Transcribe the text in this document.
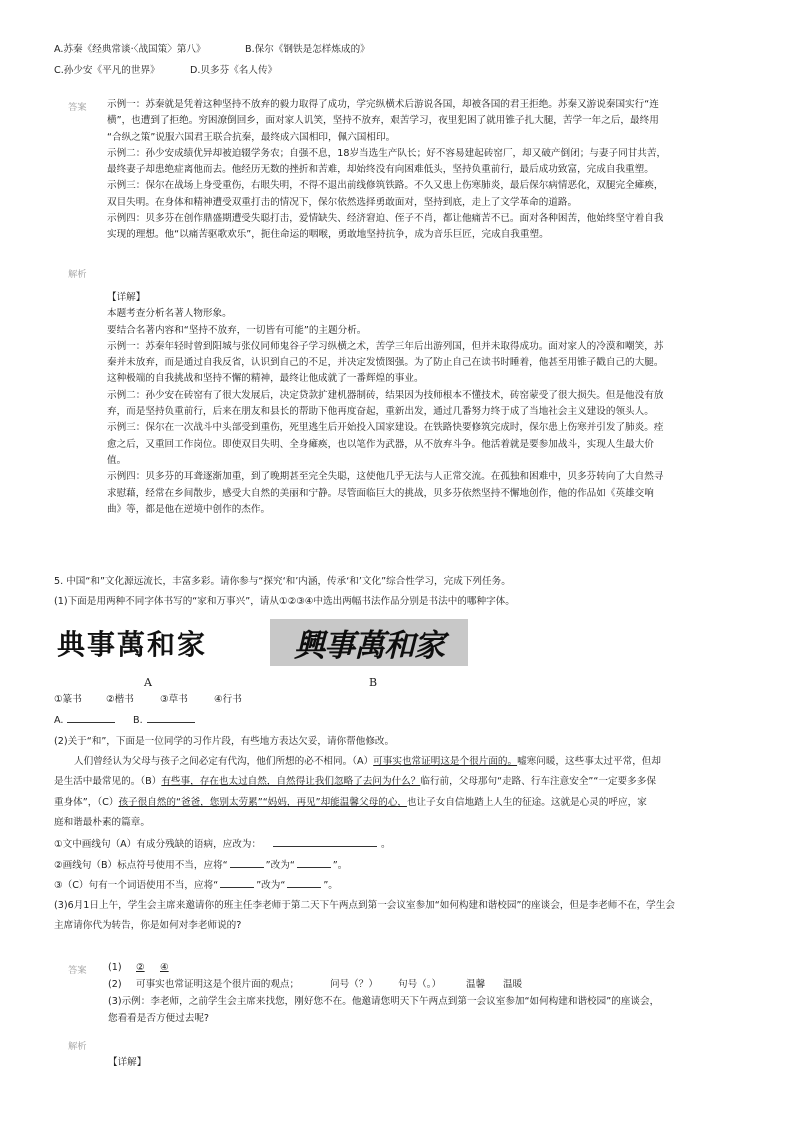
A.苏秦《经典常谈·〈战国策〉第八》	B.保尔《钢铁是怎样炼成的》
C.孙少安《平凡的世界》	D.贝多芬《名人传》
答案 示例一：苏秦就是凭着这种坚持不放弃的毅力取得了成功，学完纵横术后游说各国，却被各国的君王拒绝。苏秦又游说秦国实行“连
横”，也遭到了拒绝。穷困潦倒回乡，面对家人讥笑，坚持不放弃，艰苦学习，夜里犯困了就用锥子扎大腿，苦学一年之后，最终用
“合纵之策”说服六国君王联合抗秦，最终成六国相印，佩六国相印。
示例二：孙少安成绩优异却被迫辍学务农；自强不息，18岁当选生产队长；好不容易建起砖窑厂，却又破产倒闭；与妻子同甘共苦，
最终妻子却患绝症离他而去。他经历无数的挫折和苦难，却始终没有向困难低头，坚持负重前行，最后成功致富，完成自我重塑。
示例三：保尔在战场上身受重伤，右眼失明，不得不退出前线修筑铁路。不久又患上伤寒肺炎，最后保尔病情恶化，双腿完全瘫痪，
双目失明。在身体和精神遭受双重打击的情况下，保尔依然选择勇敢面对，坚持到底，走上了文学革命的道路。
示例四：贝多芬在创作鼎盛期遭受失聪打击，爱情缺失、经济窘迫、侄子不肖，都让他痛苦不已。面对各种困苦，他始终坚守着自我
实现的理想。他“以痛苦驱歌欢乐”，扼住命运的咽喉，勇敢地坚持抗争，成为音乐巨匠，完成自我重塑。
解析
【详解】
本题考查分析名著人物形象。
要结合名著内容和“坚持不放弃，一切皆有可能”的主题分析。
示例一：苏秦年轻时曾到阳城与张仪同师鬼谷子学习纵横之术，苦学三年后出游列国，但并未取得成功。面对家人的冷漠和嘲笑，苏
秦并未放弃，而是通过自我反省，认识到自己的不足，并决定发愤图强。为了防止自己在读书时睡着，他甚至用锥子戳自己的大腿。
这种极端的自我挑战和坚持不懈的精神，最终让他成就了一番辉煌的事业。
示例二：孙少安在砖窑有了很大发展后，决定贷款扩建机器制砖，结果因为技师根本不懂技术，砖窑蒙受了很大损失。但是他没有放
弃，而是坚持负重前行，后来在朋友和县长的帮助下他再度奋起，重新出发，通过几番努力终于成了当地社会主义建设的领头人。
示例三：保尔在一次战斗中头部受到重伤，死里逃生后开始投入国家建设。在铁路快要修筑完成时，保尔患上伤寒并引发了肺炎。痊
愈之后，又重回工作岗位。即使双目失明、全身瘫痪，也以笔作为武器，从不放弃斗争。他活着就是要参加战斗，实现人生最大价
值。
示例四：贝多芬的耳聋逐渐加重，到了晚期甚至完全失聪，这使他几乎无法与人正常交流。在孤独和困难中，贝多芬转向了大自然寻
求慰藉，经常在乡间散步，感受大自然的美丽和宁静。尽管面临巨大的挑战，贝多芬依然坚持不懈地创作，他的作品如《英雄交响
曲》等，都是他在逆境中创作的杰作。
5. 中国“和”文化源远流长，丰富多彩。请你参与“探究‘和’内涵，传承‘和’文化”综合性学习，完成下列任务。
(1)下面是用两种不同字体书写的“家和万事兴”，请从①②③④中选出两幅书法作品分别是书法中的哪种字体。
典事萬和家	興事萬和家
A	B
①篆书	②楷书	③草书	④行书
A.	B.
(2)关于“和”，下面是一位同学的习作片段，有些地方表达欠妥，请你帮他修改。
人们曾经认为父母与孩子之间必定有代沟，他们所想的必不相同。（A）可事实也常证明这是个很片面的。嘘寒问暖，这些事太过平常，但却
是生活中最常见的。（B）有些事，存在也太过自然，自然得让我们忽略了去问为什么？临行前，父母那句“走路、行车注意安全”“一定要多多保
重身体”，（C）孩子很自然的“爸爸，您别太劳累”“妈妈，再见”却能温馨父母的心，也让子女自信地踏上人生的征途。这就是心灵的呼应，家
庭和谐最朴素的篇章。
①文中画线句（A）有成分残缺的语病，应改为：	。
②画线句（B）标点符号使用不当，应将“	”改为“	”。
③（C）句有一个词语使用不当，应将“	”改为“	”。
(3)6月1日上午，学生会主席来邀请你的班主任李老师于第二天下午两点到第一会议室参加“如何构建和谐校园”的座谈会，但是李老师不在，学生会
主席请你代为转告，你是如何对李老师说的?
答案 (1) ② ④
(2) 可事实也常证明这是个很片面的观点；	问号（？） 句号（。）	温馨 温暖
(3)示例：李老师，之前学生会主席来找您，刚好您不在。他邀请您明天下午两点到第一会议室参加“如何构建和谐校园”的座谈会，
您看看是否方便过去呢?
解析
【详解】
